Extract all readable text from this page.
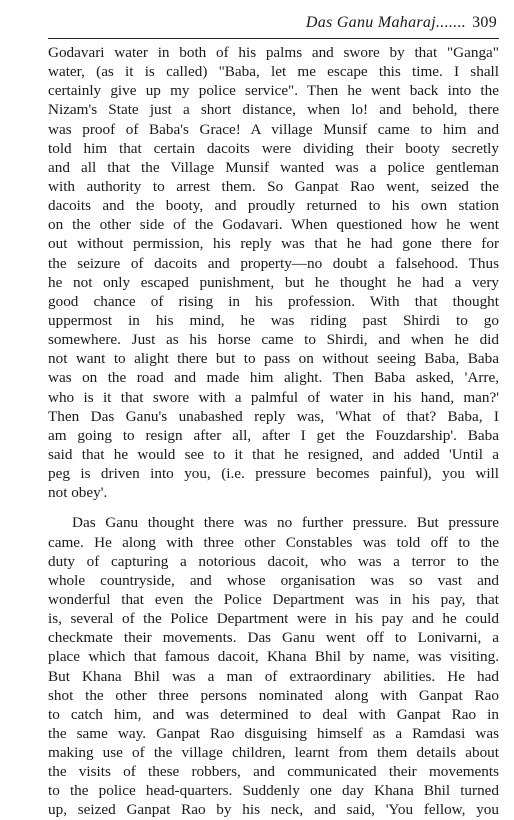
Das Ganu Maharaj....... 309

Godavari water in both of his palms and swore by that "Ganga"
water, (as it is called) "Baba, let me escape this time. I shall
certainly give up my police service". Then he went back into the
Nizam's State just a short distance, when lo! and behold, there
was proof of Baba's Grace! A village Munsif came to him and
told him that certain dacoits were dividing their booty secretly
and all that the Village Munsif wanted was a police gentleman
with authority to arrest them. So Ganpat Rao went, seized the
dacoits and the booty, and proudly returned to his own station
on the other side of the Godavari. When questioned how he went
out without permission, his reply was that he had gone there for
the seizure of dacoits and property—no doubt a falsehood. Thus
he not only escaped punishment, but he thought he had a very
good chance of rising in his profession. With that thought
uppermost in his mind, he was riding past Shirdi to go
somewhere. Just as his horse came to Shirdi, and when he did
not want to alight there but to pass on without seeing Baba, Baba
was on the road and made him alight. Then Baba asked, 'Arre,
who is it that swore with a palmful of water in his hand, man?'
Then Das Ganu's unabashed reply was, 'What of that? Baba, I
am going to resign after all, after I get the Fouzdarship'. Baba
said that he would see to it that he resigned, and added 'Until a
peg is driven into you, (i.e. pressure becomes painful), you will
not obey'.

Das Ganu thought there was no further pressure. But pressure
came. He along with three other Constables was told off to the
duty of capturing a notorious dacoit, who was a terror to the
whole countryside, and whose organisation was so vast and
wonderful that even the Police Department was in his pay, that
is, several of the Police Department were in his pay and he could
checkmate their movements. Das Ganu went off to Lonivarni, a
place which that famous dacoit, Khana Bhil by name, was visiting.
But Khana Bhil was a man of extraordinary abilities. He had
shot the other three persons nominated along with Ganpat Rao
to catch him, and was determined to deal with Ganpat Rao in
the same way. Ganpat Rao disguising himself as a Ramdasi was
making use of the village children, learnt from them details about
the visits of these robbers, and communicated their movements
to the police head-quarters. Suddenly one day Khana Bhil turned
up, seized Ganpat Rao by his neck, and said, 'You fellow, you
